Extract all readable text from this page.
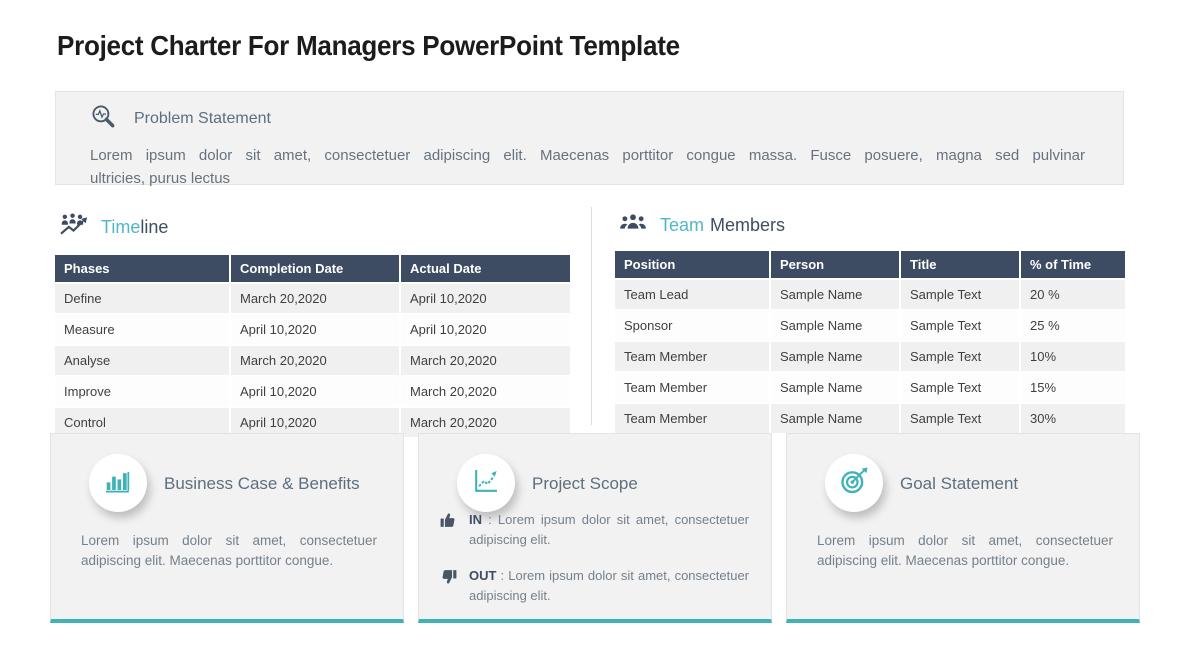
Project Charter For Managers PowerPoint Template
Problem Statement

Lorem ipsum dolor sit amet, consectetuer adipiscing elit. Maecenas porttitor congue massa. Fusce posuere, magna sed pulvinar
ultricies, purus lectus

Timeline
Phases	Completion Date	Actual Date
Define	March 20,2020	April 10,2020
Measure	April 10,2020	April 10,2020
Analyse	March 20,2020	March 20,2020
Improve	April 10,2020	March 20,2020
Control	April 10,2020	March 20,2020
Team Members
Position	Person	Title	% of Time
Team Lead	Sample Name	Sample Text	20 %
Sponsor	Sample Name	Sample Text	25 %
Team Member	Sample Name	Sample Text	10%
Team Member	Sample Name	Sample Text	15%
Team Member	Sample Name	Sample Text	30%
Business Case & Benefits

Lorem ipsum dolor sit amet, consectetuer adipiscing elit. Maecenas porttitor congue.

Project Scope

IN : Lorem ipsum dolor sit amet, consectetuer adipiscing elit.

OUT : Lorem ipsum dolor sit amet, consectetuer adipiscing elit.

Goal Statement

Lorem ipsum dolor sit amet, consectetuer adipiscing elit. Maecenas porttitor congue.
